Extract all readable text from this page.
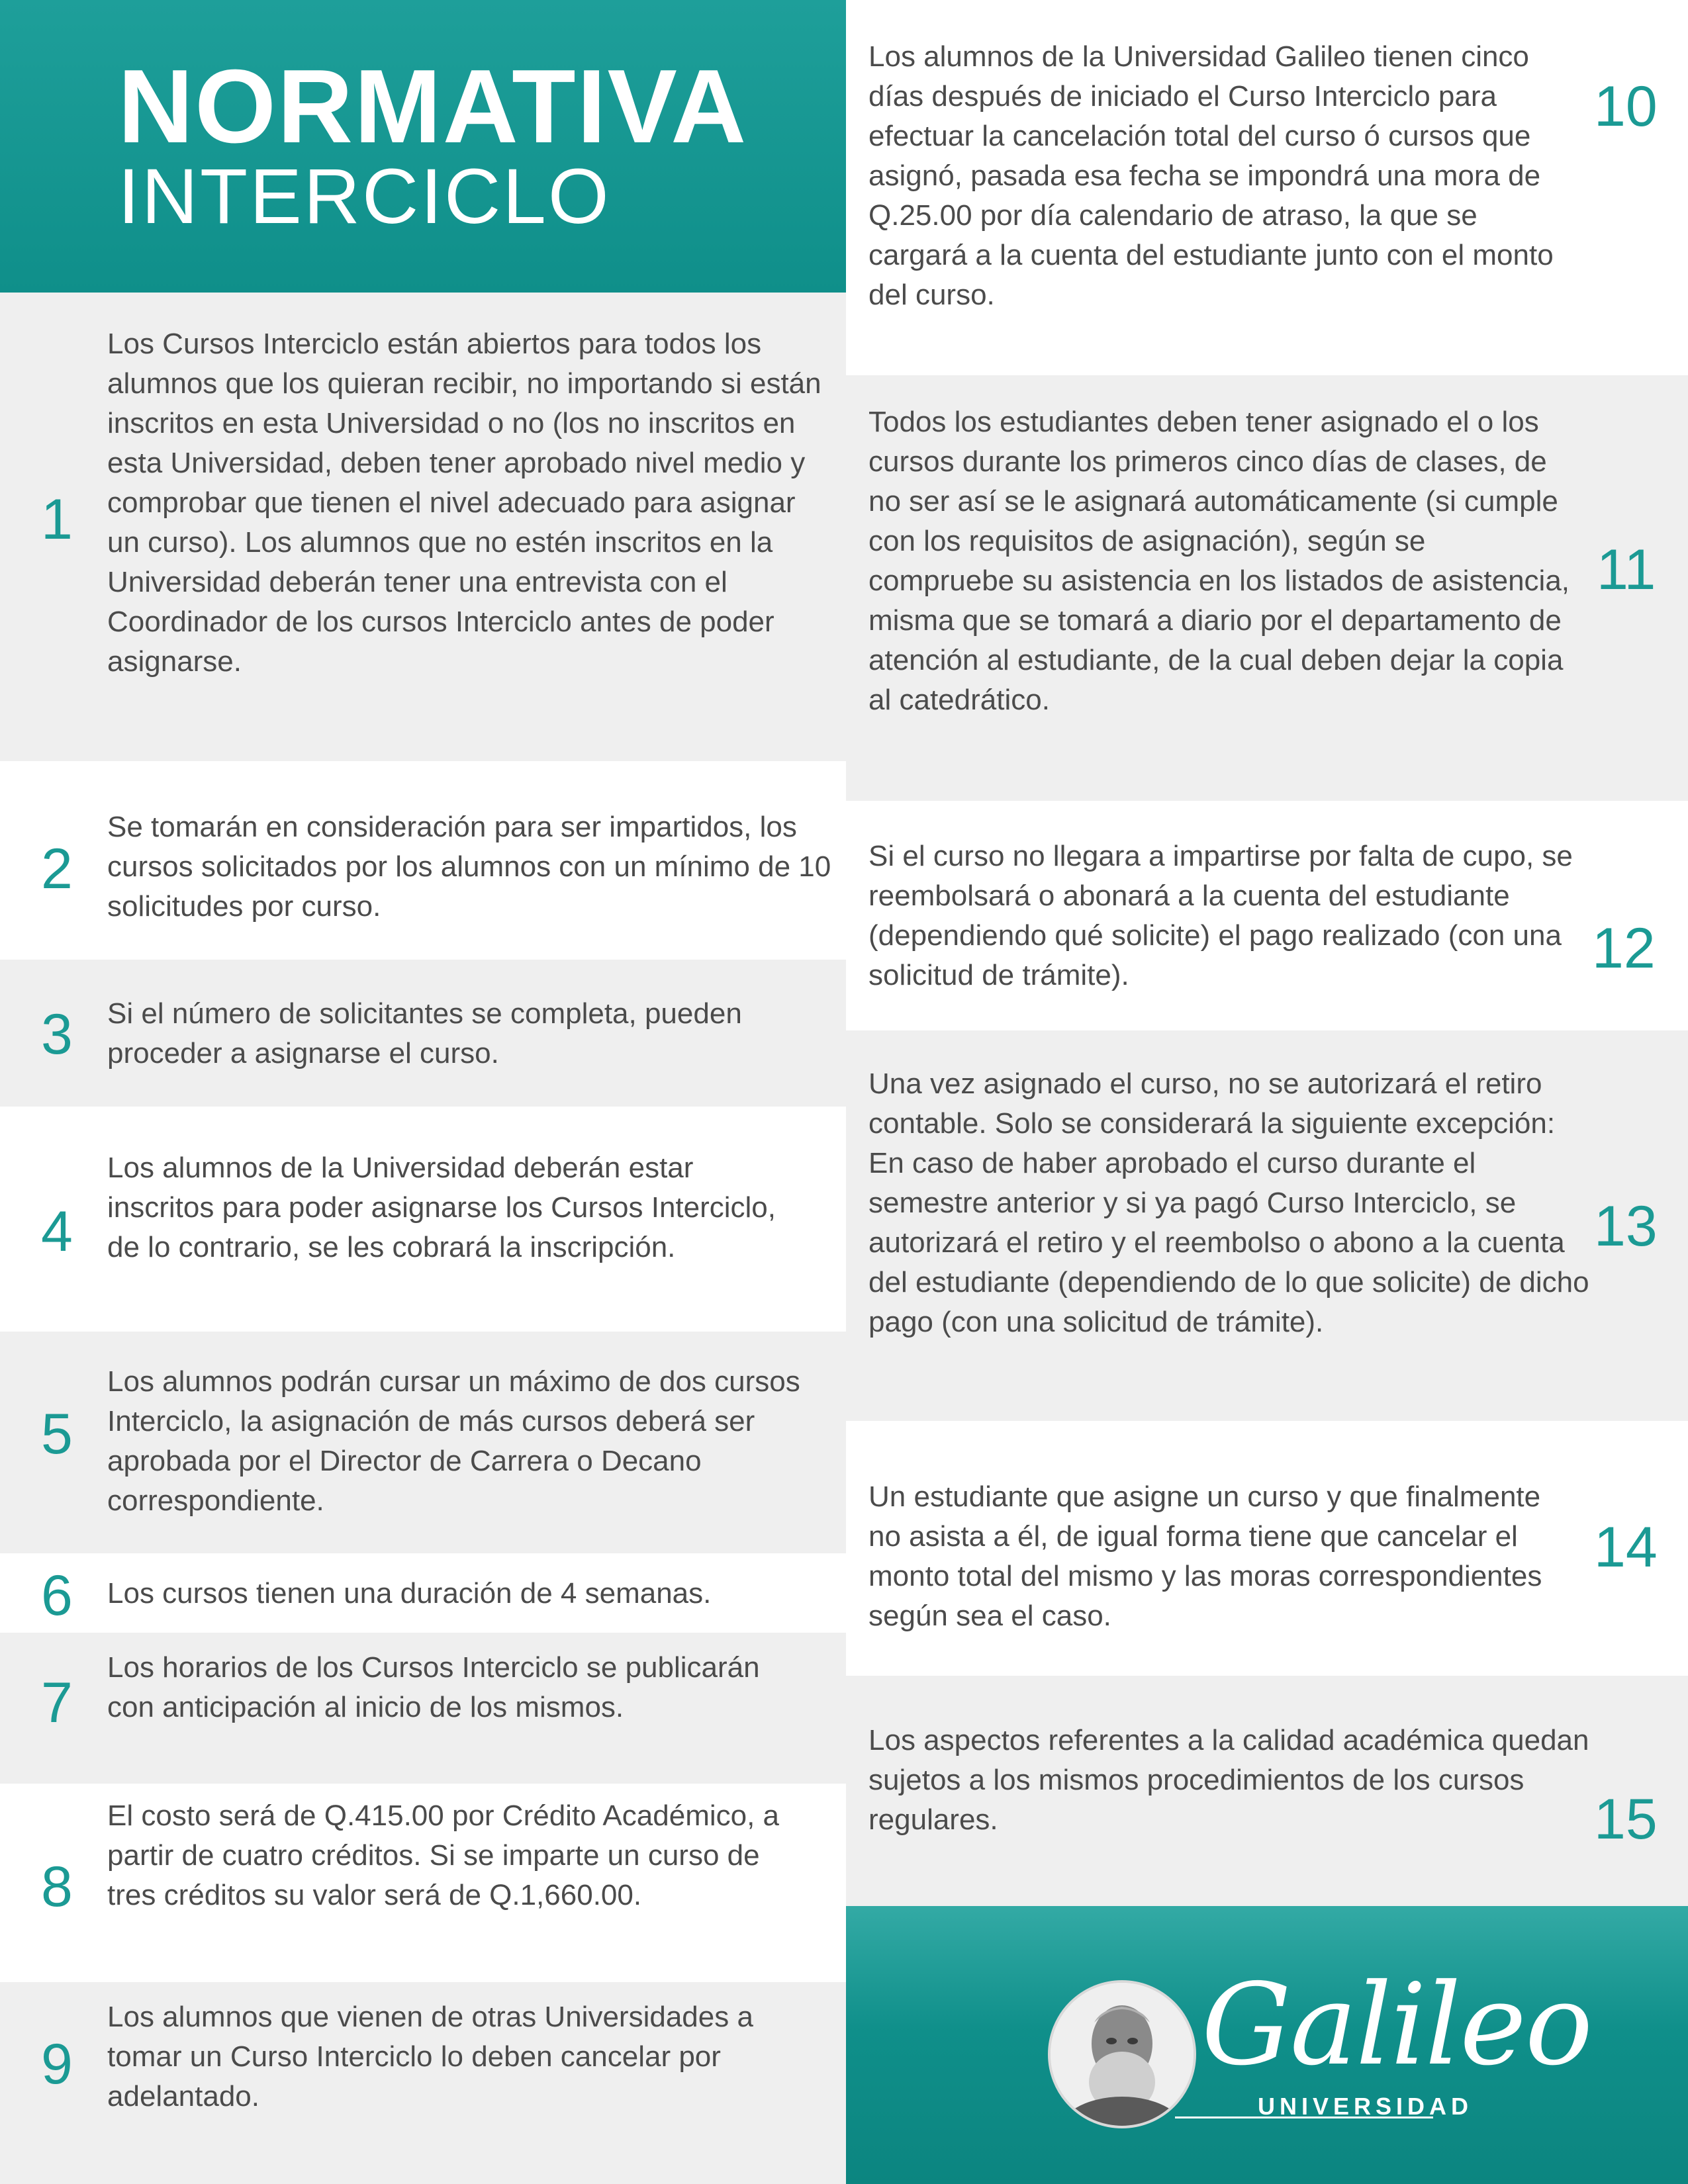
NORMATIVA
INTERCICLO
1
Los Cursos Interciclo están abiertos para todos los alumnos que los quieran recibir, no importando si están inscritos en esta Universidad o no (los no inscritos en esta Universidad, deben tener aprobado nivel medio y comprobar que tienen el nivel adecuado para asignar un curso). Los alumnos que no estén inscritos en la Universidad deberán tener una entrevista con el Coordinador de los cursos Interciclo antes de poder asignarse.
2
Se tomarán en consideración para ser impartidos, los cursos solicitados por los alumnos con un mínimo de 10 solicitudes por curso.
3 Si el número de solicitantes se completa, pueden proceder a asignarse el curso.
4
Los alumnos de la Universidad deberán estar inscritos para poder asignarse los Cursos Interciclo, de lo contrario, se les cobrará la inscripción.
5
Los alumnos podrán cursar un máximo de dos cursos Interciclo, la asignación de más cursos deberá ser aprobada por el Director de Carrera o Decano correspondiente.
6 Los cursos tienen una duración de 4 semanas.
7
Los horarios de los Cursos Interciclo se publicarán con anticipación al inicio de los mismos.
8
El costo será de Q.415.00 por Crédito Académico, a partir de cuatro créditos. Si se imparte un curso de tres créditos su valor será de Q.1,660.00.
9
Los alumnos que vienen de otras Universidades a tomar un Curso Interciclo lo deben cancelar por adelantado.
10
Los alumnos de la Universidad Galileo tienen cinco días después de iniciado el Curso Interciclo para efectuar la cancelación total del curso ó cursos que asignó, pasada esa fecha se impondrá una mora de Q.25.00 por día calendario de atraso, la que se cargará a la cuenta del estudiante junto con el monto del curso.
11
Todos los estudiantes deben tener asignado el o los cursos durante los primeros cinco días de clases, de no ser así se le asignará automáticamente (si cumple con los requisitos de asignación), según se compruebe su asistencia en los listados de asistencia, misma que se tomará a diario por el departamento de atención al estudiante, de la cual deben dejar la copia al catedrático.
12
Si el curso no llegara a impartirse por falta de cupo, se reembolsará o abonará a la cuenta del estudiante (dependiendo qué solicite) el pago realizado (con una solicitud de trámite).
13
Una vez asignado el curso, no se autorizará el retiro contable. Solo se considerará la siguiente excepción: En caso de haber aprobado el curso durante el semestre anterior y si ya pagó Curso Interciclo, se autorizará el retiro y el reembolso o abono a la cuenta del estudiante (dependiendo de lo que solicite) de dicho pago (con una solicitud de trámite).
14
Un estudiante que asigne un curso y que finalmente no asista a él, de igual forma tiene que cancelar el monto total del mismo y las moras correspondientes según sea el caso.
15
Los aspectos referentes a la calidad académica quedan sujetos a los mismos procedimientos de los cursos regulares.
Galileo
UNIVERSIDAD
